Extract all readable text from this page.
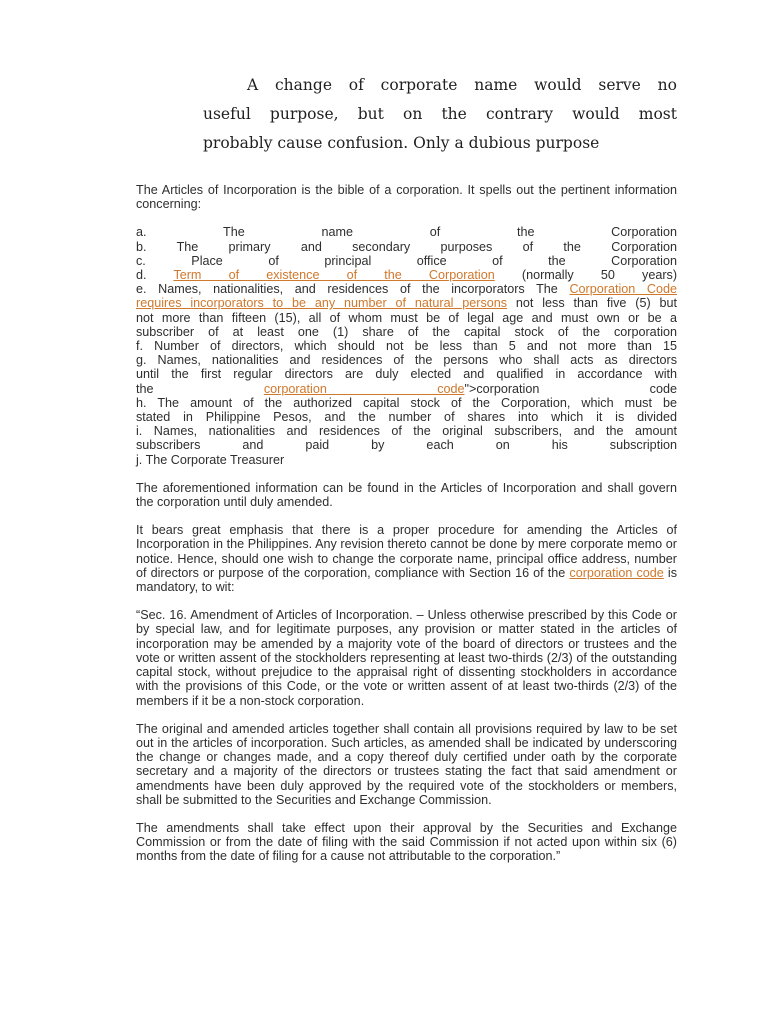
A change of corporate name would serve no
useful purpose, but on the contrary would most
probably cause confusion. Only a dubious purpose

The Articles of Incorporation is the bible of a corporation. It spells out the pertinent information concerning:

a. The name of the Corporation
b. The primary and secondary purposes of the Corporation
c. Place of principal office of the Corporation
d. Term of existence of the Corporation (normally 50 years)
e. Names, nationalities, and residences of the incorporators The Corporation Code
requires incorporators to be any number of natural persons not less than five (5) but
not more than fifteen (15), all of whom must be of legal age and must own or be a
subscriber of at least one (1) share of the capital stock of the corporation
f. Number of directors, which should not be less than 5 and not more than 15
g. Names, nationalities and residences of the persons who shall acts as directors
until the first regular directors are duly elected and qualified in accordance with
the corporation code">corporation code
h. The amount of the authorized capital stock of the Corporation, which must be
stated in Philippine Pesos, and the number of shares into which it is divided
i. Names, nationalities and residences of the original subscribers, and the amount
subscribers and paid by each on his subscription
j. The Corporate Treasurer

The aforementioned information can be found in the Articles of Incorporation and shall govern the corporation until duly amended.

It bears great emphasis that there is a proper procedure for amending the Articles of Incorporation in the Philippines. Any revision thereto cannot be done by mere corporate memo or notice. Hence, should one wish to change the corporate name, principal office address, number of directors or purpose of the corporation, compliance with Section 16 of the corporation code is mandatory, to wit:

“Sec. 16. Amendment of Articles of Incorporation. – Unless otherwise prescribed by this Code or by special law, and for legitimate purposes, any provision or matter stated in the articles of incorporation may be amended by a majority vote of the board of directors or trustees and the vote or written assent of the stockholders representing at least two-thirds (2/3) of the outstanding capital stock, without prejudice to the appraisal right of dissenting stockholders in accordance with the provisions of this Code, or the vote or written assent of at least two-thirds (2/3) of the members if it be a non-stock corporation.

The original and amended articles together shall contain all provisions required by law to be set out in the articles of incorporation. Such articles, as amended shall be indicated by underscoring the change or changes made, and a copy thereof duly certified under oath by the corporate secretary and a majority of the directors or trustees stating the fact that said amendment or amendments have been duly approved by the required vote of the stockholders or members, shall be submitted to the Securities and Exchange Commission.

The amendments shall take effect upon their approval by the Securities and Exchange Commission or from the date of filing with the said Commission if not acted upon within six (6) months from the date of filing for a cause not attributable to the corporation.”
